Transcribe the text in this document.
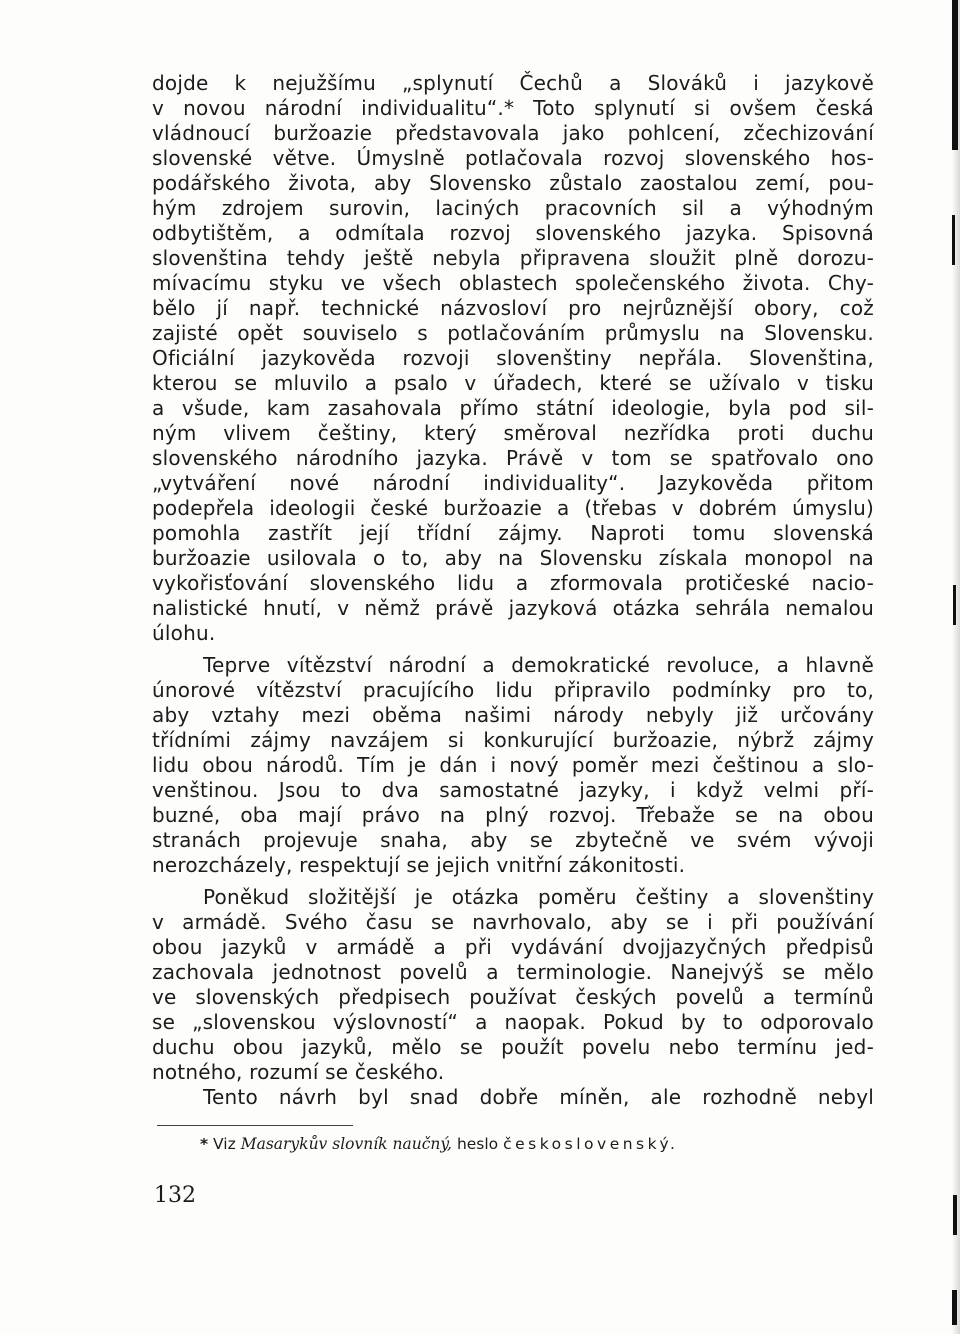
dojde k nejužšímu „splynutí Čechů a Slováků i jazykově
v novou národní individualitu“.* Toto splynutí si ovšem česká
vládnoucí buržoazie představovala jako pohlcení, zčechizování
slovenské větve. Úmyslně potlačovala rozvoj slovenského hos-
podářského života, aby Slovensko zůstalo zaostalou zemí, pou-
hým zdrojem surovin, laciných pracovních sil a výhodným
odbytištěm, a odmítala rozvoj slovenského jazyka. Spisovná
slovenština tehdy ještě nebyla připravena sloužit plně dorozu-
mívacímu styku ve všech oblastech společenského života. Chy-
bělo jí např. technické názvosloví pro nejrůznější obory, což
zajisté opět souviselo s potlačováním průmyslu na Slovensku.
Oficiální jazykověda rozvoji slovenštiny nepřála. Slovenština,
kterou se mluvilo a psalo v úřadech, které se užívalo v tisku
a všude, kam zasahovala přímo státní ideologie, byla pod sil-
ným vlivem češtiny, který směroval nezřídka proti duchu
slovenského národního jazyka. Právě v tom se spatřovalo ono
„vytváření nové národní individuality“. Jazykověda přitom
podepřela ideologii české buržoazie a (třebas v dobrém úmyslu)
pomohla zastřít její třídní zájmy. Naproti tomu slovenská
buržoazie usilovala o to, aby na Slovensku získala monopol na
vykořisťování slovenského lidu a zformovala protičeské nacio-
nalistické hnutí, v němž právě jazyková otázka sehrála nemalou
úlohu.
Teprve vítězství národní a demokratické revoluce, a hlavně
únorové vítězství pracujícího lidu připravilo podmínky pro to,
aby vztahy mezi oběma našimi národy nebyly již určovány
třídními zájmy navzájem si konkurující buržoazie, nýbrž zájmy
lidu obou národů. Tím je dán i nový poměr mezi češtinou a slo-
venštinou. Jsou to dva samostatné jazyky, i když velmi pří-
buzné, oba mají právo na plný rozvoj. Třebaže se na obou
stranách projevuje snaha, aby se zbytečně ve svém vývoji
nerozcházely, respektují se jejich vnitřní zákonitosti.
Poněkud složitější je otázka poměru češtiny a slovenštiny
v armádě. Svého času se navrhovalo, aby se i při používání
obou jazyků v armádě a při vydávání dvojjazyčných předpisů
zachovala jednotnost povelů a terminologie. Nanejvýš se mělo
ve slovenských předpisech používat českých povelů a termínů
se „slovenskou výslovností“ a naopak. Pokud by to odporovalo
duchu obou jazyků, mělo se použít povelu nebo termínu jed-
notného, rozumí se českého.
Tento návrh byl snad dobře míněn, ale rozhodně nebyl
* Viz Masarykův slovník naučný, heslo československý.
132
